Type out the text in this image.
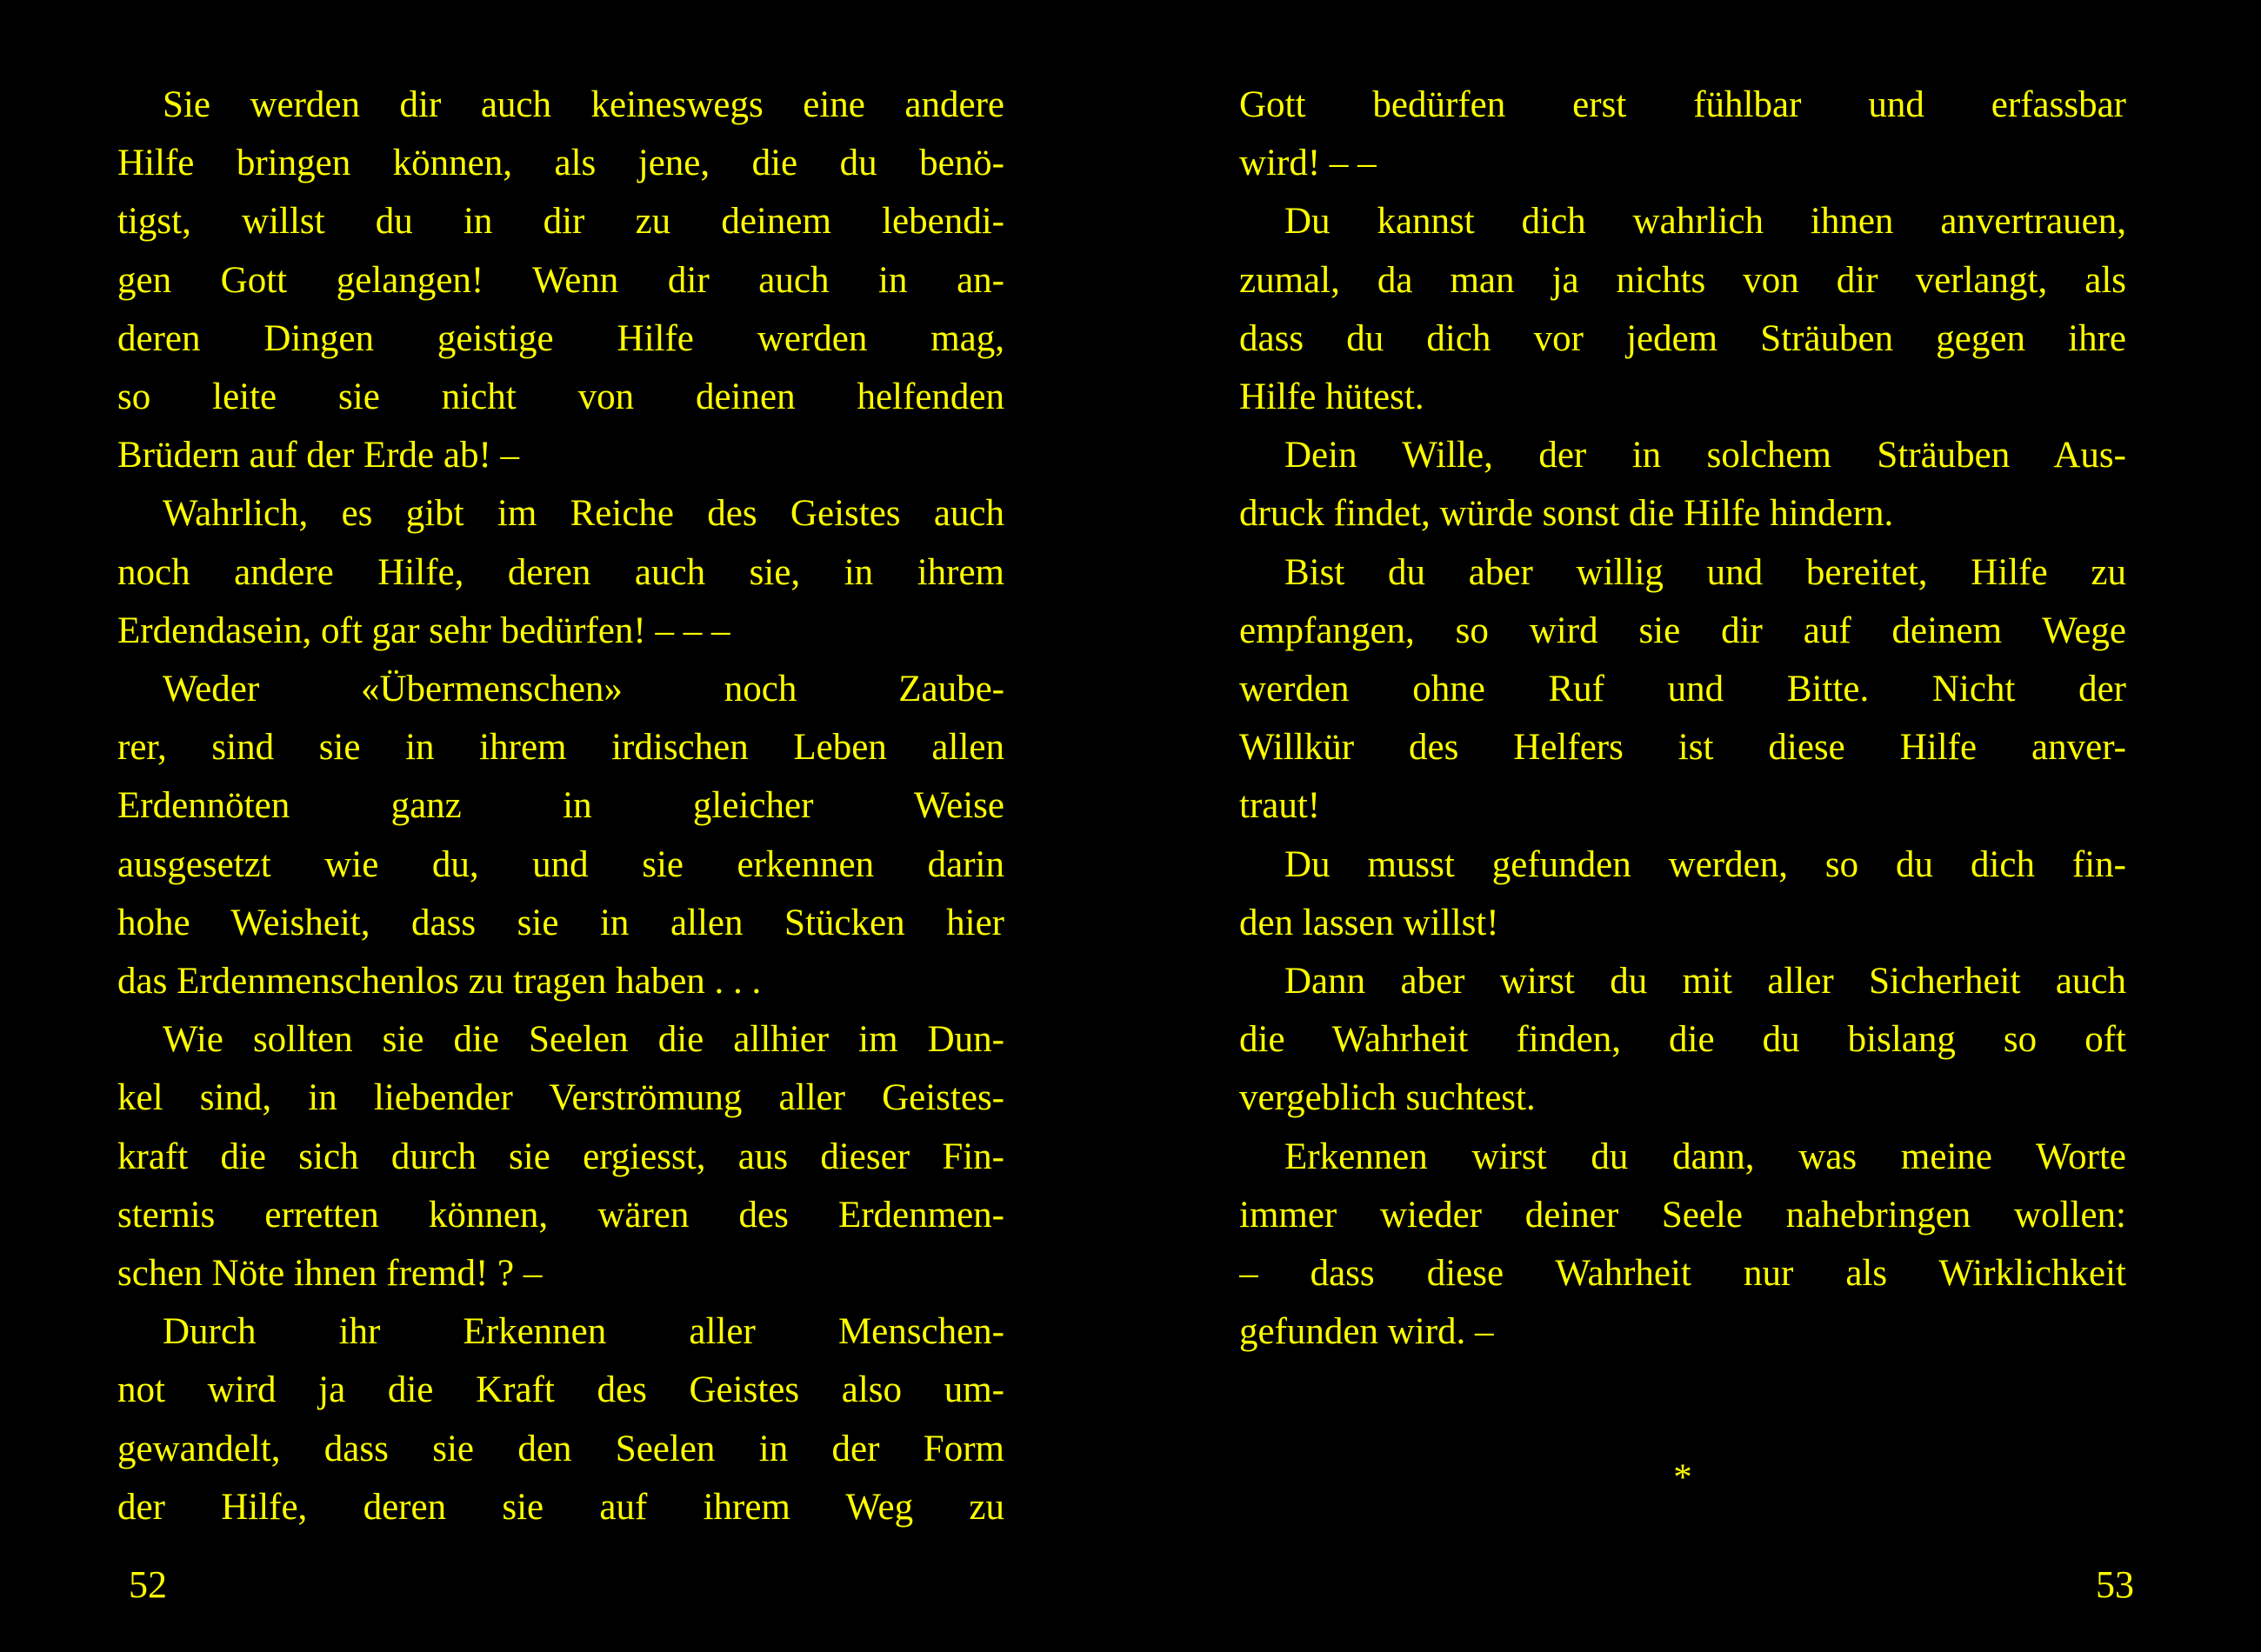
Sie werden dir auch keineswegs eine andere
Hilfe bringen können, als jene, die du benö-
tigst, willst du in dir zu deinem lebendi-
gen Gott gelangen! Wenn dir auch in an-
deren Dingen geistige Hilfe werden mag,
so leite sie nicht von deinen helfenden
Brüdern auf der Erde ab! –
Wahrlich, es gibt im Reiche des Geistes auch
noch andere Hilfe, deren auch sie, in ihrem
Erdendasein, oft gar sehr bedürfen! – – –
Weder «Übermenschen» noch Zaube-
rer, sind sie in ihrem irdischen Leben allen
Erdennöten ganz in gleicher Weise
ausgesetzt wie du, und sie erkennen darin
hohe Weisheit, dass sie in allen Stücken hier
das Erdenmenschenlos zu tragen haben . . .
Wie sollten sie die Seelen die allhier im Dun-
kel sind, in liebender Verströmung aller Geistes-
kraft die sich durch sie ergiesst, aus dieser Fin-
sternis erretten können, wären des Erdenmen-
schen Nöte ihnen fremd! ? –
Durch ihr Erkennen aller Menschen-
not wird ja die Kraft des Geistes also um-
gewandelt, dass sie den Seelen in der Form
der Hilfe, deren sie auf ihrem Weg zu
Gott bedürfen erst fühlbar und erfassbar
wird! – –
Du kannst dich wahrlich ihnen anvertrauen,
zumal, da man ja nichts von dir verlangt, als
dass du dich vor jedem Sträuben gegen ihre
Hilfe hütest.
Dein Wille, der in solchem Sträuben Aus-
druck findet, würde sonst die Hilfe hindern.
Bist du aber willig und bereitet, Hilfe zu
empfangen, so wird sie dir auf deinem Wege
werden ohne Ruf und Bitte. Nicht der
Willkür des Helfers ist diese Hilfe anver-
traut!
Du musst gefunden werden, so du dich fin-
den lassen willst!
Dann aber wirst du mit aller Sicherheit auch
die Wahrheit finden, die du bislang so oft
vergeblich suchtest.
Erkennen wirst du dann, was meine Worte
immer wieder deiner Seele nahebringen wollen:
– dass diese Wahrheit nur als Wirklichkeit
gefunden wird. –
*
52	53
